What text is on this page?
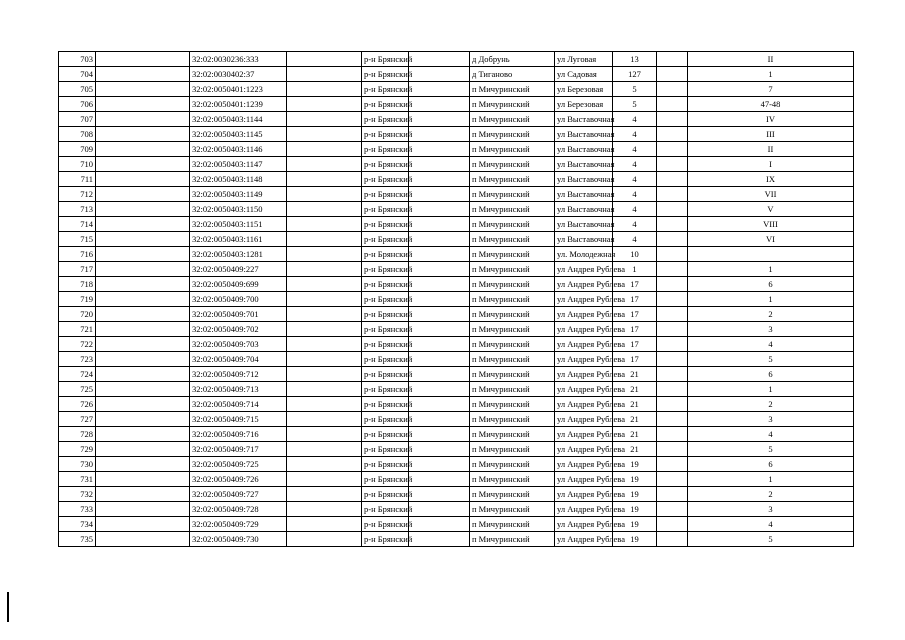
703		32:02:0030236:333		р-н Брянский		д Добрунь	ул Луговая	13		II
704		32:02:0030402:37		р-н Брянский		д Тиганово	ул Садовая	127		1
705		32:02:0050401:1223		р-н Брянский		п Мичуринский	ул Березовая	5		7
706		32:02:0050401:1239		р-н Брянский		п Мичуринский	ул Березовая	5		47-48
707		32:02:0050403:1144		р-н Брянский		п Мичуринский	ул Выставочная	4		IV
708		32:02:0050403:1145		р-н Брянский		п Мичуринский	ул Выставочная	4		III
709		32:02:0050403:1146		р-н Брянский		п Мичуринский	ул Выставочная	4		II
710		32:02:0050403:1147		р-н Брянский		п Мичуринский	ул Выставочная	4		I
711		32:02:0050403:1148		р-н Брянский		п Мичуринский	ул Выставочная	4		IX
712		32:02:0050403:1149		р-н Брянский		п Мичуринский	ул Выставочная	4		VII
713		32:02:0050403:1150		р-н Брянский		п Мичуринский	ул Выставочная	4		V
714		32:02:0050403:1151		р-н Брянский		п Мичуринский	ул Выставочная	4		VIII
715		32:02:0050403:1161		р-н Брянский		п Мичуринский	ул Выставочная	4		VI
716		32:02:0050403:1281		р-н Брянский		п Мичуринский	ул. Молодежная	10		
717		32:02:0050409:227		р-н Брянский		п Мичуринский	ул Андрея Рублева	1		1
718		32:02:0050409:699		р-н Брянский		п Мичуринский	ул Андрея Рублева	17		6
719		32:02:0050409:700		р-н Брянский		п Мичуринский	ул Андрея Рублева	17		1
720		32:02:0050409:701		р-н Брянский		п Мичуринский	ул Андрея Рублева	17		2
721		32:02:0050409:702		р-н Брянский		п Мичуринский	ул Андрея Рублева	17		3
722		32:02:0050409:703		р-н Брянский		п Мичуринский	ул Андрея Рублева	17		4
723		32:02:0050409:704		р-н Брянский		п Мичуринский	ул Андрея Рублева	17		5
724		32:02:0050409:712		р-н Брянский		п Мичуринский	ул Андрея Рублева	21		6
725		32:02:0050409:713		р-н Брянский		п Мичуринский	ул Андрея Рублева	21		1
726		32:02:0050409:714		р-н Брянский		п Мичуринский	ул Андрея Рублева	21		2
727		32:02:0050409:715		р-н Брянский		п Мичуринский	ул Андрея Рублева	21		3
728		32:02:0050409:716		р-н Брянский		п Мичуринский	ул Андрея Рублева	21		4
729		32:02:0050409:717		р-н Брянский		п Мичуринский	ул Андрея Рублева	21		5
730		32:02:0050409:725		р-н Брянский		п Мичуринский	ул Андрея Рублева	19		6
731		32:02:0050409:726		р-н Брянский		п Мичуринский	ул Андрея Рублева	19		1
732		32:02:0050409:727		р-н Брянский		п Мичуринский	ул Андрея Рублева	19		2
733		32:02:0050409:728		р-н Брянский		п Мичуринский	ул Андрея Рублева	19		3
734		32:02:0050409:729		р-н Брянский		п Мичуринский	ул Андрея Рублева	19		4
735		32:02:0050409:730		р-н Брянский		п Мичуринский	ул Андрея Рублева	19		5
